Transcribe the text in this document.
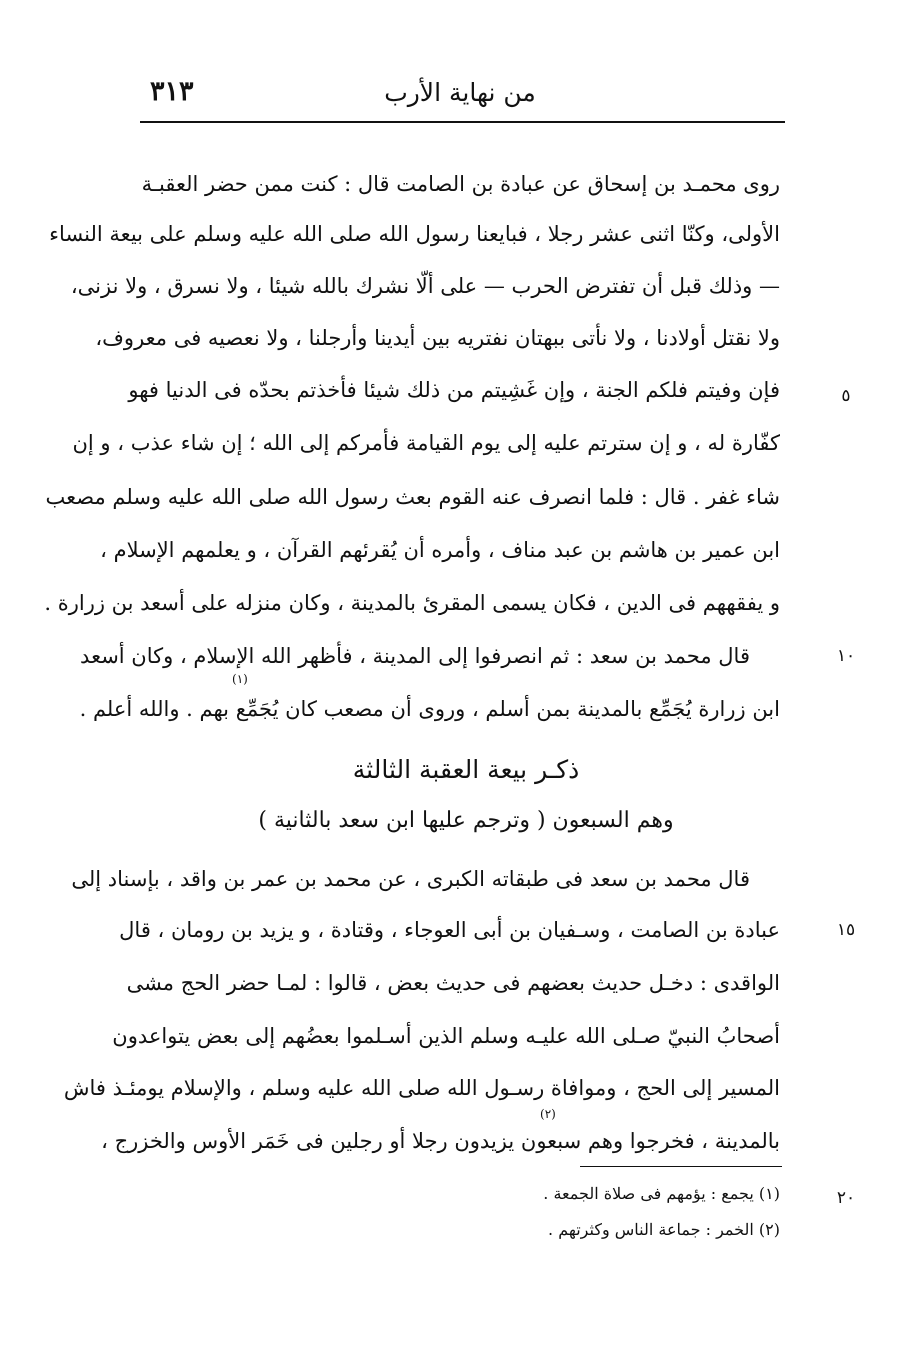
٣١٣	من نهاية الأرب
روى محمـد بن إسحاق عن عبادة بن الصامت قال : كنت ممن حضر العقبـة
الأولى، وكنّا اثنى عشر رجلا ، فبايعنا رسول الله صلى الله عليه وسلم على بيعة النساء
— وذلك قبل أن تفترض الحرب — على ألّا نشرك بالله شيئا ، ولا نسرق ، ولا نزنى،
ولا نقتل أولادنا ، ولا نأتى ببهتان نفتريه بين أيدينا وأرجلنا ، ولا نعصيه فى معروف،
فإن وفيتم فلكم الجنة ، وإن غَشِيتم من ذلك شيئا فأخذتم بحدّه فى الدنيا فهو
كفّارة له ، و إن سترتم عليه إلى يوم القيامة فأمركم إلى الله ؛ إن شاء عذب ، و إن
شاء غفر . قال : فلما انصرف عنه القوم بعث رسول الله صلى الله عليه وسلم مصعب
ابن عمير بن هاشم بن عبد مناف ، وأمره أن يُقرئهم القرآن ، و يعلمهم الإسلام ،
و يفقههم فى الدين ، فكان يسمى المقرئ بالمدينة ، وكان منزله على أسعد بن زرارة .
قال محمد بن سعد : ثم انصرفوا إلى المدينة ، فأظهر الله الإسلام ، وكان أسعد
ابن زرارة يُجَمِّع بالمدينة بمن أسلم ، وروى أن مصعب كان يُجَمِّع بهم . والله أعلم .
(١)
ذكـر بيعة العقبة الثالثة
وهم السبعون ( وترجم عليها ابن سعد بالثانية )
قال محمد بن سعد فى طبقاته الكبرى ، عن محمد بن عمر بن واقد ، بإسناد إلى
عبادة بن الصامت ، وسـفيان بن أبى العوجاء ، وقتادة ، و يزيد بن رومان ، قال
الواقدى : دخـل حديث بعضهم فى حديث بعض ، قالوا : لمـا حضر الحج مشى
أصحابُ النبيّ صـلى الله عليـه وسلم الذين أسـلموا بعضُهم إلى بعض يتواعدون
المسير إلى الحج ، وموافاة رسـول الله صلى الله عليه وسلم ، والإسلام يومئـذ فاش
بالمدينة ، فخرجوا وهم سبعون يزيدون رجلا أو رجلين فى خَمَر الأوس والخزرج ،
(٢)
٥
١٠
١٥
٢٠
(١) يجمع : يؤمهم فى صلاة الجمعة .
(٢) الخمر : جماعة الناس وكثرتهم .
